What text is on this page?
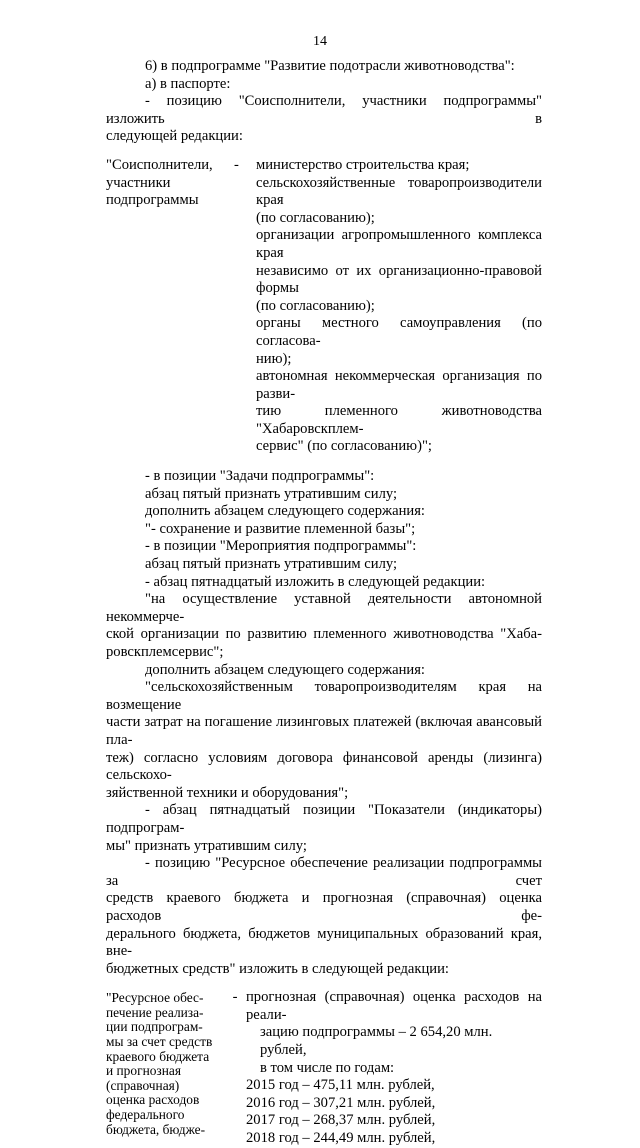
14

6) в подпрограмме "Развитие подотрасли животноводства":

а) в паспорте:

- позицию "Соисполнители, участники подпрограммы" изложить в

следующей редакции:

"Соисполнители,
участники
подпрограммы
-	министерство строительства края;
сельскохозяйственные товаропроизводители края
(по согласованию);
организации агропромышленного комплекса края
независимо от их организационно-правовой формы
(по согласованию);
органы местного самоуправления (по согласова-
нию);
автономная некоммерческая организация по разви-
тию племенного животноводства "Хабаровскплем-
сервис" (по согласованию)";

- в позиции "Задачи подпрограммы":

абзац пятый признать утратившим силу;

дополнить абзацем следующего содержания:

"- сохранение и развитие племенной базы";

- в позиции "Мероприятия подпрограммы":

абзац пятый признать утратившим силу;

- абзац пятнадцатый изложить в следующей редакции:

"на осуществление уставной деятельности автономной некоммерче-

ской организации по развитию племенного животноводства "Хаба-

ровскплемсервис";

дополнить абзацем следующего содержания:

"сельскохозяйственным товаропроизводителям края на возмещение

части затрат на погашение лизинговых платежей (включая авансовый пла-

теж) согласно условиям договора финансовой аренды (лизинга) сельскохо-

зяйственной техники и оборудования";

- абзац пятнадцатый позиции "Показатели (индикаторы) подпрограм-

мы" признать утратившим силу;

- позицию "Ресурсное обеспечение реализации подпрограммы за счет

средств краевого бюджета и прогнозная (справочная) оценка расходов фе-

дерального бюджета, бюджетов муниципальных образований края, вне-

бюджетных средств" изложить в следующей редакции:

"Ресурсное обес-
печение реализа-
ции подпрограм-
мы за счет средств
краевого бюджета
и прогнозная
(справочная)
оценка расходов
федерального
бюджета, бюдже-
- прогнозная (справочная) оценка расходов на реали-
зацию подпрограммы – 2 654,20 млн. рублей,
в том числе по годам:
2015 год – 475,11 млн. рублей,
2016 год – 307,21 млн. рублей,
2017 год – 268,37 млн. рублей,
2018 год – 244,49 млн. рублей,
